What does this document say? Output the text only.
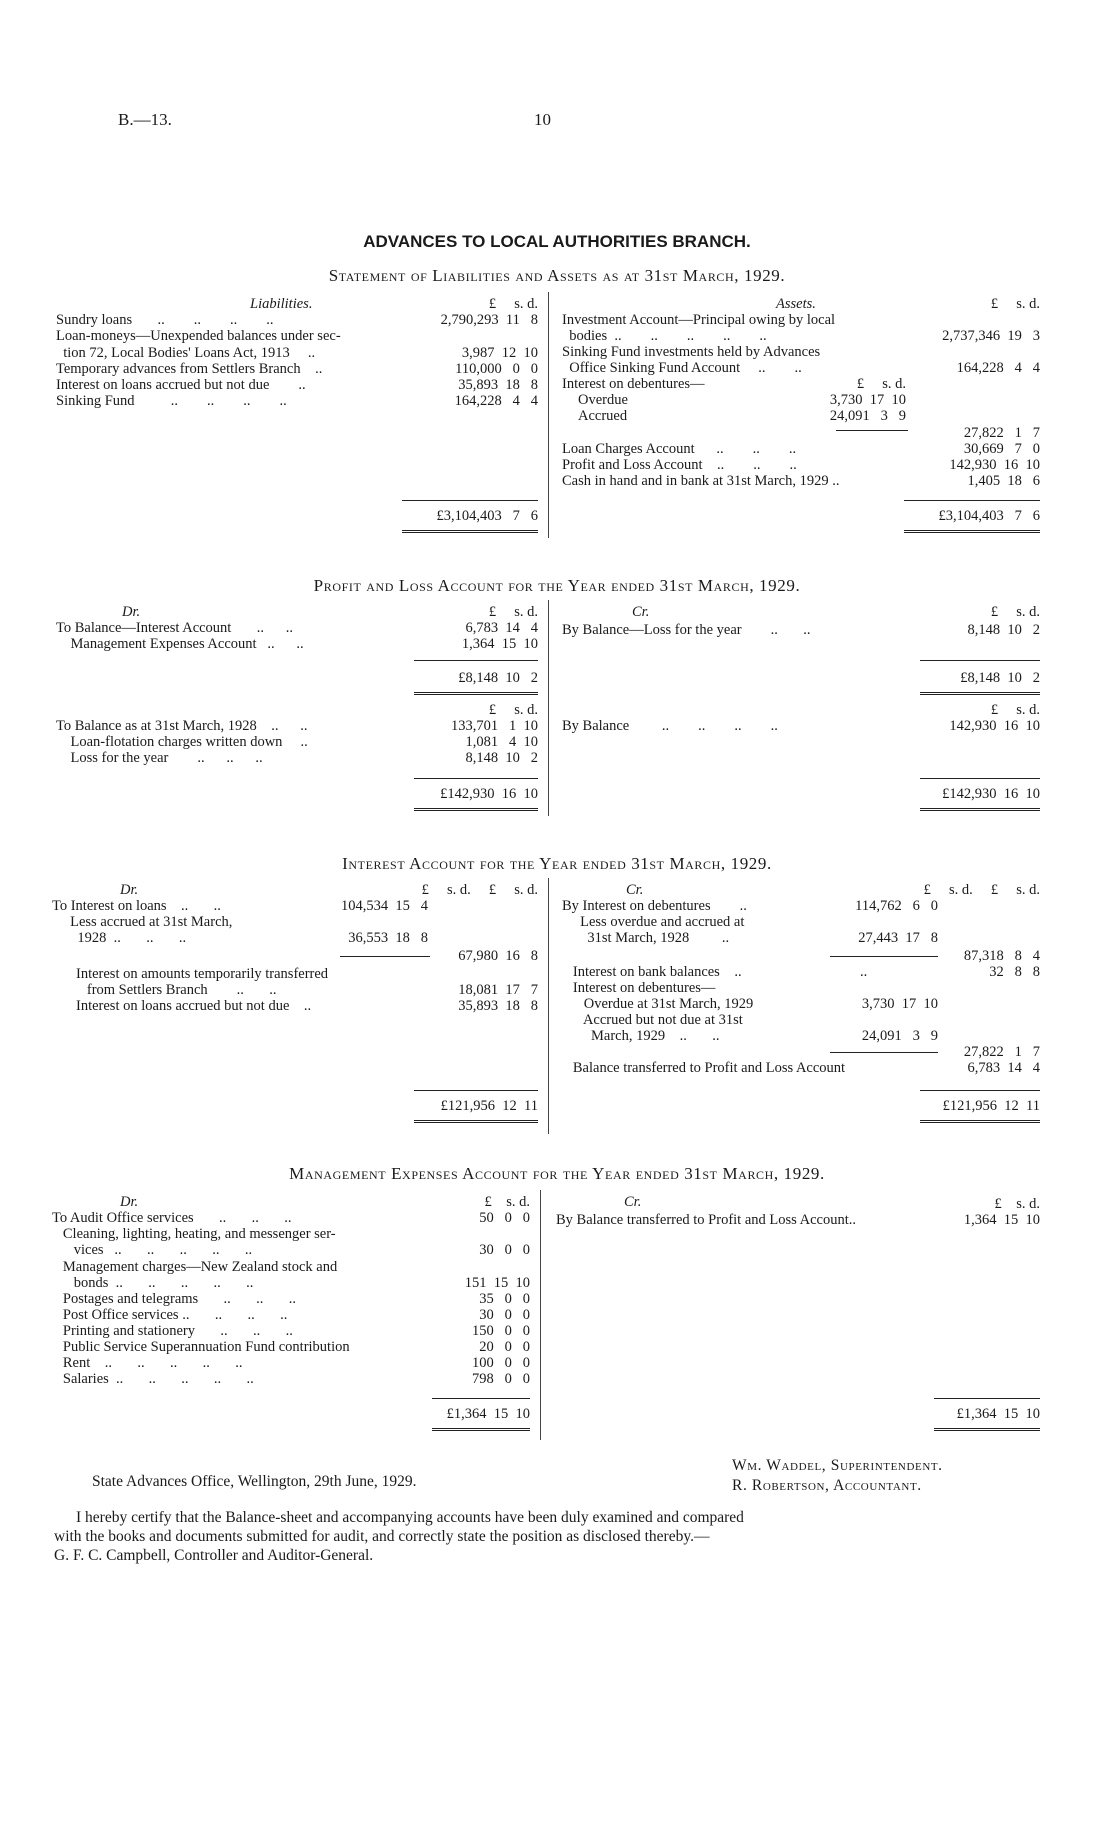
B.—13.	10
ADVANCES TO LOCAL AUTHORITIES BRANCH.
Statement of Liabilities and Assets as at 31st March, 1929.
Liabilities.	£     s. d.
Sundry loans       ..        ..        ..        ..	2,790,293  11   8
Loan-moneys—Unexpended balances under sec-
tion 72, Local Bodies' Loans Act, 1913     ..	3,987  12  10
Temporary advances from Settlers Branch    ..	110,000   0   0
Interest on loans accrued but not due        ..	35,893  18   8
Sinking Fund          ..        ..        ..        ..	164,228   4   4
£3,104,403   7   6
Assets.	£     s. d.
Investment Account—Principal owing by local
bodies  ..        ..        ..        ..        ..	2,737,346  19   3
Sinking Fund investments held by Advances
Office Sinking Fund Account     ..        ..	164,228   4   4
Interest on debentures—	£     s. d.
Overdue	3,730  17  10
Accrued	24,091   3   9
27,822   1   7
Loan Charges Account      ..        ..        ..	30,669   7   0
Profit and Loss Account    ..        ..        ..	142,930  16  10
Cash in hand and in bank at 31st March, 1929 ..	1,405  18   6
£3,104,403   7   6
Profit and Loss Account for the Year ended 31st March, 1929.
Dr.	£     s. d.
To Balance—Interest Account       ..      ..	6,783  14   4
Management Expenses Account   ..      ..	1,364  15  10
£8,148  10   2
Cr.	£     s. d.
By Balance—Loss for the year        ..       ..	8,148  10   2
£8,148  10   2
£     s. d.
To Balance as at 31st March, 1928    ..      ..	133,701   1  10
Loan-flotation charges written down     ..	1,081   4  10
Loss for the year        ..      ..      ..	8,148  10   2
£142,930  16  10
£     s. d.
By Balance         ..        ..        ..        ..	142,930  16  10
£142,930  16  10
Interest Account for the Year ended 31st March, 1929.
Dr.	£     s. d.     £     s. d.
To Interest on loans    ..       ..	104,534  15   4
Less accrued at 31st March,
1928  ..       ..       ..	36,553  18   8
67,980  16   8
Interest on amounts temporarily transferred
from Settlers Branch        ..       ..	18,081  17   7
Interest on loans accrued but not due    ..	35,893  18   8
£121,956  12  11
Cr.	£     s. d.     £     s. d.
By Interest on debentures        ..	114,762   6   0
Less overdue and accrued at
31st March, 1928         ..	27,443  17   8
87,318   8   4
Interest on bank balances    ..	..	32   8   8
Interest on debentures—
Overdue at 31st March, 1929	3,730  17  10
Accrued but not due at 31st
March, 1929    ..       ..	24,091   3   9
27,822   1   7
Balance transferred to Profit and Loss Account	6,783  14   4
£121,956  12  11
Management Expenses Account for the Year ended 31st March, 1929.
Dr.	£    s. d.
To Audit Office services       ..       ..       ..	50   0   0
Cleaning, lighting, heating, and messenger ser-
vices   ..       ..       ..       ..       ..	30   0   0
Management charges—New Zealand stock and
bonds  ..       ..       ..       ..       ..	151  15  10
Postages and telegrams       ..       ..       ..	35   0   0
Post Office services ..       ..       ..       ..	30   0   0
Printing and stationery       ..       ..       ..	150   0   0
Public Service Superannuation Fund contribution	20   0   0
Rent    ..       ..       ..       ..       ..	100   0   0
Salaries  ..       ..       ..       ..       ..	798   0   0
£1,364  15  10
Cr.	£    s. d.
By Balance transferred to Profit and Loss Account..	1,364  15  10
£1,364  15  10
State Advances Office, Wellington, 29th June, 1929.
Wm. Waddel, Superintendent.
R. Robertson, Accountant.
I hereby certify that the Balance-sheet and accompanying accounts have been duly examined and compared
with the books and documents submitted for audit, and correctly state the position as disclosed thereby.—
G. F. C. Campbell, Controller and Auditor-General.
